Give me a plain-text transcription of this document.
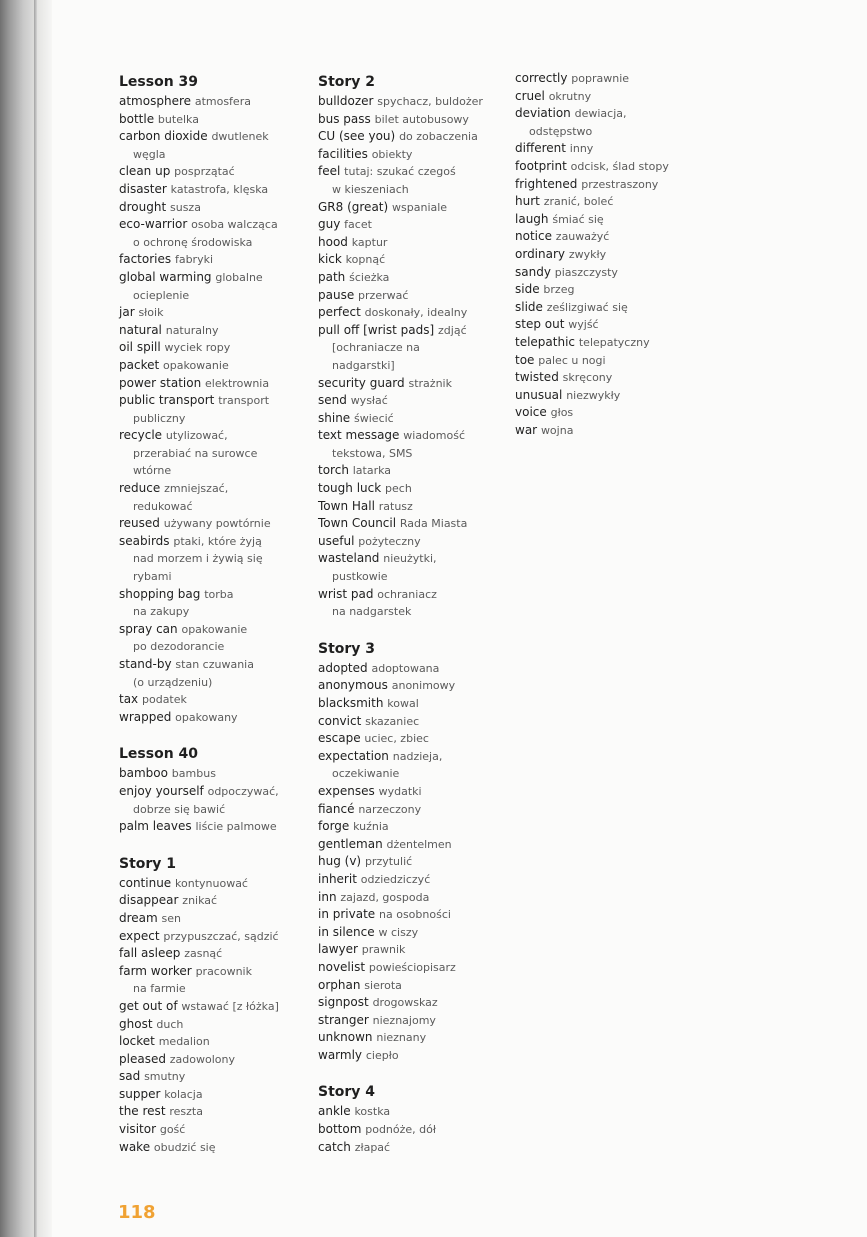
Lesson 39
atmosphere atmosfera
bottle butelka
carbon dioxide dwutlenek
węgla
clean up posprzątać
disaster katastrofa, klęska
drought susza
eco-warrior osoba walcząca
o ochronę środowiska
factories fabryki
global warming globalne
ocieplenie
jar słoik
natural naturalny
oil spill wyciek ropy
packet opakowanie
power station elektrownia
public transport transport
publiczny
recycle utylizować,
przerabiać na surowce
wtórne
reduce zmniejszać,
redukować
reused używany powtórnie
seabirds ptaki, które żyją
nad morzem i żywią się
rybami
shopping bag torba
na zakupy
spray can opakowanie
po dezodorancie
stand-by stan czuwania
(o urządzeniu)
tax podatek
wrapped opakowany
Lesson 40
bamboo bambus
enjoy yourself odpoczywać,
dobrze się bawić
palm leaves liście palmowe
Story 1
continue kontynuować
disappear znikać
dream sen
expect przypuszczać, sądzić
fall asleep zasnąć
farm worker pracownik
na farmie
get out of wstawać [z łóżka]
ghost duch
locket medalion
pleased zadowolony
sad smutny
supper kolacja
the rest reszta
visitor gość
wake obudzić się
Story 2
bulldozer spychacz, buldożer
bus pass bilet autobusowy
CU (see you) do zobaczenia
facilities obiekty
feel tutaj: szukać czegoś
w kieszeniach
GR8 (great) wspaniale
guy facet
hood kaptur
kick kopnąć
path ścieżka
pause przerwać
perfect doskonały, idealny
pull off [wrist pads] zdjąć
[ochraniacze na
nadgarstki]
security guard strażnik
send wysłać
shine świecić
text message wiadomość
tekstowa, SMS
torch latarka
tough luck pech
Town Hall ratusz
Town Council Rada Miasta
useful pożyteczny
wasteland nieużytki,
pustkowie
wrist pad ochraniacz
na nadgarstek
Story 3
adopted adoptowana
anonymous anonimowy
blacksmith kowal
convict skazaniec
escape uciec, zbiec
expectation nadzieja,
oczekiwanie
expenses wydatki
fiancé narzeczony
forge kuźnia
gentleman dżentelmen
hug (v) przytulić
inherit odziedziczyć
inn zajazd, gospoda
in private na osobności
in silence w ciszy
lawyer prawnik
novelist powieściopisarz
orphan sierota
signpost drogowskaz
stranger nieznajomy
unknown nieznany
warmly ciepło
Story 4
ankle kostka
bottom podnóże, dół
catch złapać
correctly poprawnie
cruel okrutny
deviation dewiacja,
odstępstwo
different inny
footprint odcisk, ślad stopy
frightened przestraszony
hurt zranić, boleć
laugh śmiać się
notice zauważyć
ordinary zwykły
sandy piaszczysty
side brzeg
slide ześlizgiwać się
step out wyjść
telepathic telepatyczny
toe palec u nogi
twisted skręcony
unusual niezwykły
voice głos
war wojna
118
